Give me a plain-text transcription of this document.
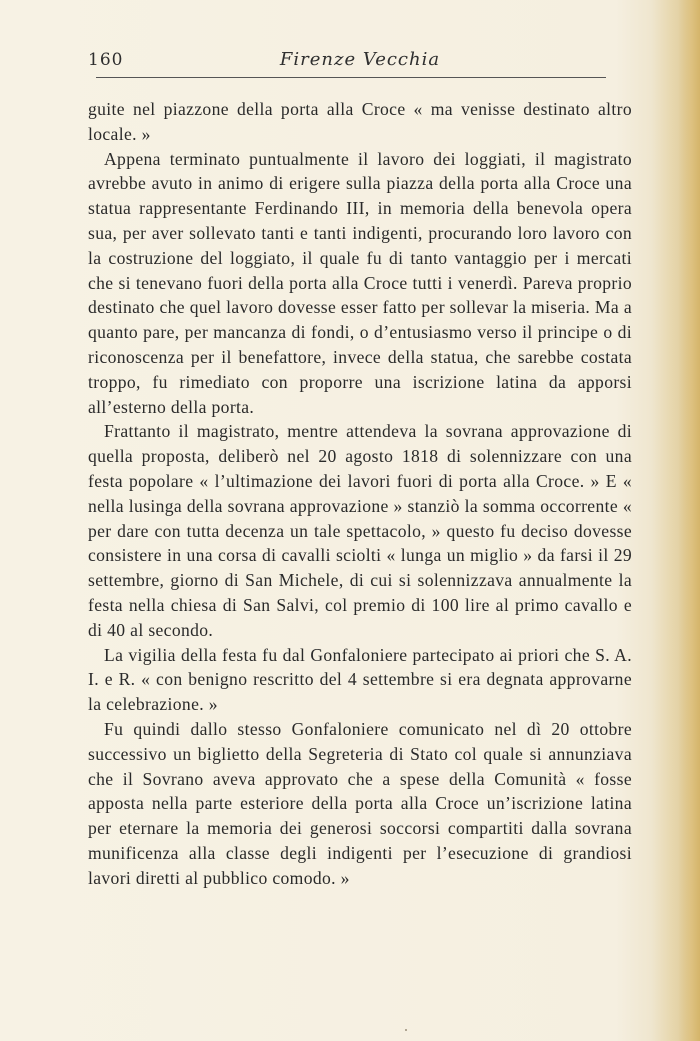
160	Firenze Vecchia

guite nel piazzone della porta alla Croce « ma venisse destinato altro locale. »

Appena terminato puntualmente il lavoro dei loggiati, il magistrato avrebbe avuto in animo di erigere sulla piazza della porta alla Croce una statua rappresentante Ferdinando III, in memoria della benevola opera sua, per aver sollevato tanti e tanti indigenti, procurando loro lavoro con la costruzione del loggiato, il quale fu di tanto vantaggio per i mercati che si tenevano fuori della porta alla Croce tutti i venerdì. Pareva proprio destinato che quel lavoro dovesse esser fatto per sollevar la miseria. Ma a quanto pare, per mancanza di fondi, o d’entusiasmo verso il principe o di riconoscenza per il benefattore, invece della statua, che sarebbe costata troppo, fu rimediato con proporre una iscrizione latina da apporsi all’esterno della porta.

Frattanto il magistrato, mentre attendeva la sovrana approvazione di quella proposta, deliberò nel 20 agosto 1818 di solennizzare con una festa popolare « l’ultimazione dei lavori fuori di porta alla Croce. » E « nella lusinga della sovrana approvazione » stanziò la somma occorrente « per dare con tutta decenza un tale spettacolo, » questo fu deciso dovesse consistere in una corsa di cavalli sciolti « lunga un miglio » da farsi il 29 settembre, giorno di San Michele, di cui si solennizzava annualmente la festa nella chiesa di San Salvi, col premio di 100 lire al primo cavallo e di 40 al secondo.

La vigilia della festa fu dal Gonfaloniere partecipato ai priori che S. A. I. e R. « con benigno rescritto del 4 settembre si era degnata approvarne la celebrazione. »

Fu quindi dallo stesso Gonfaloniere comunicato nel dì 20 ottobre successivo un biglietto della Segreteria di Stato col quale si annunziava che il Sovrano aveva approvato che a spese della Comunità « fosse apposta nella parte esteriore della porta alla Croce un’iscrizione latina per eternare la memoria dei generosi soccorsi compartiti dalla sovrana munificenza alla classe degli indigenti per l’esecuzione di grandiosi lavori diretti al pubblico comodo. »
